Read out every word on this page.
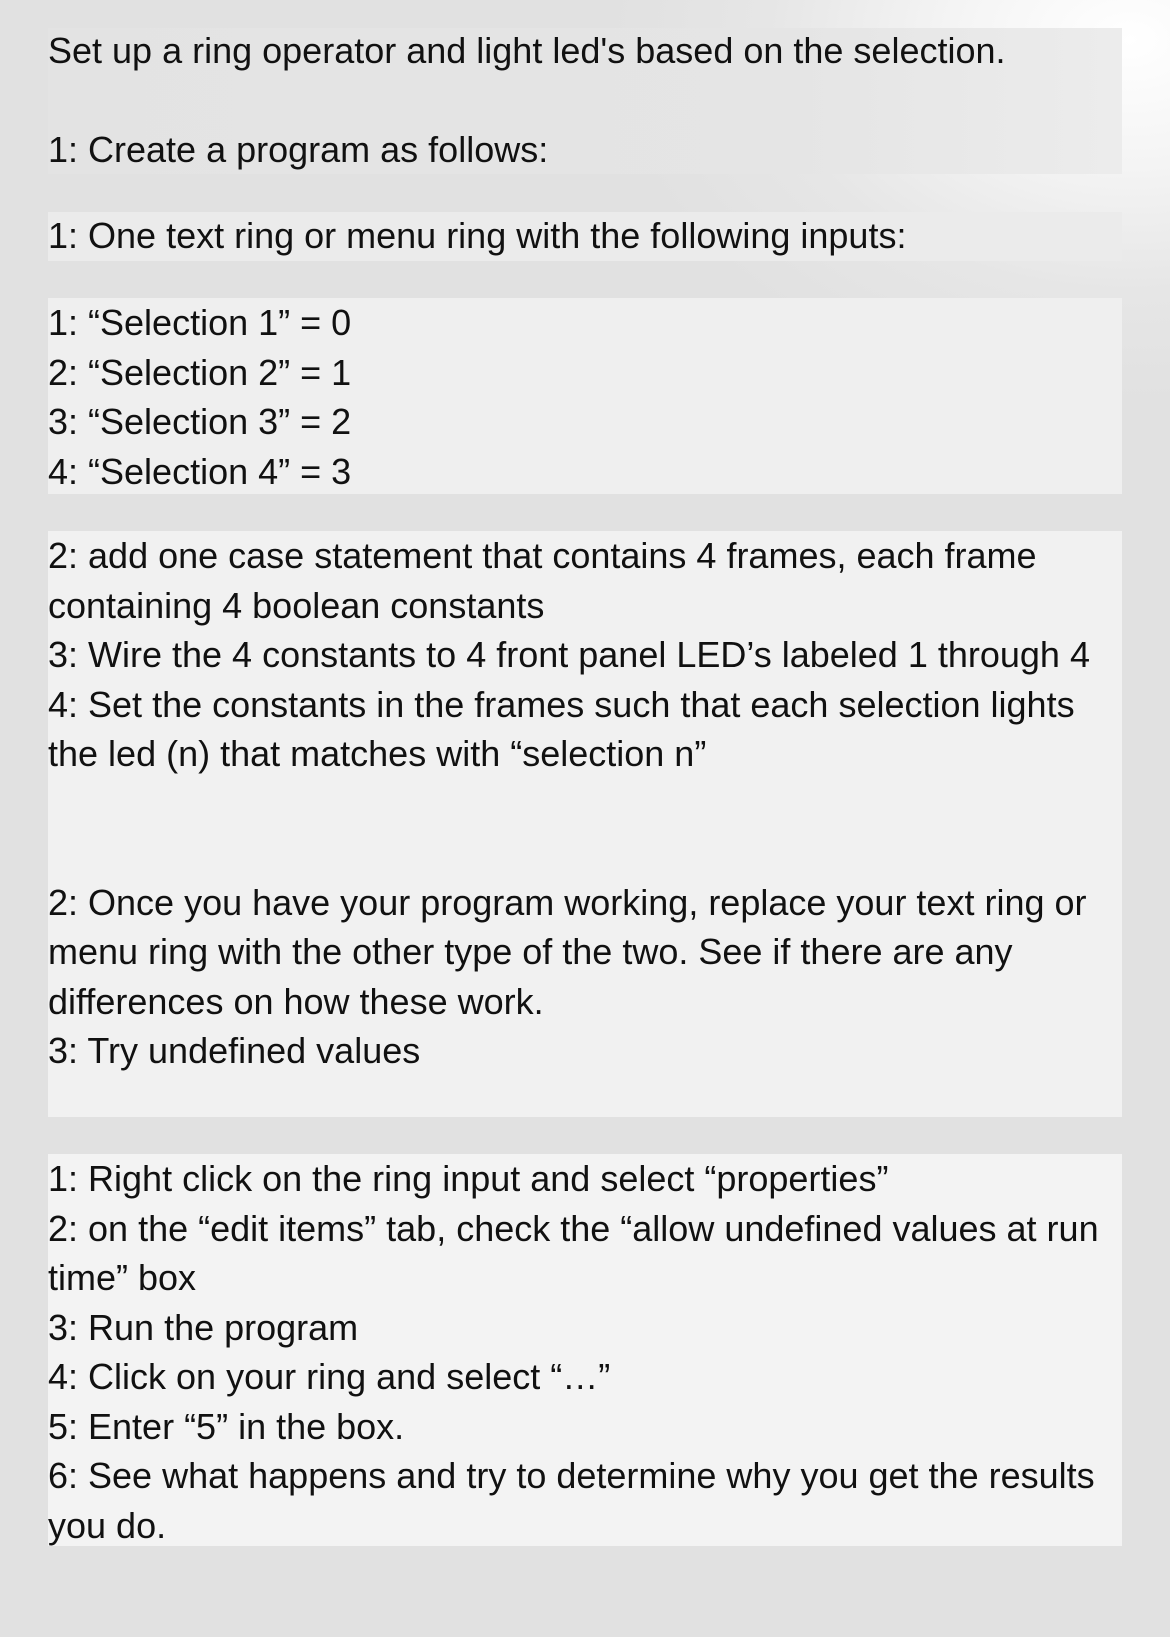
Set up a ring operator and light led's based on the selection.
1: Create a program as follows:
1: One text ring or menu ring with the following inputs:
1: “Selection 1” = 0
2: “Selection 2” = 1
3: “Selection 3” = 2
4: “Selection 4” = 3
2: add one case statement that contains 4 frames, each frame containing 4 boolean constants
3: Wire the 4 constants to 4 front panel LED’s labeled 1 through 4
4: Set the constants in the frames such that each selection lights the led (n) that matches with “selection n”
2: Once you have your program working, replace your text ring or menu ring with the other type of the two. See if there are any differences on how these work.
3: Try undefined values
1: Right click on the ring input and select “properties”
2: on the “edit items” tab, check the “allow undefined values at run time” box
3: Run the program
4: Click on your ring and select “…”
5: Enter “5” in the box.
6: See what happens and try to determine why you get the results you do.
